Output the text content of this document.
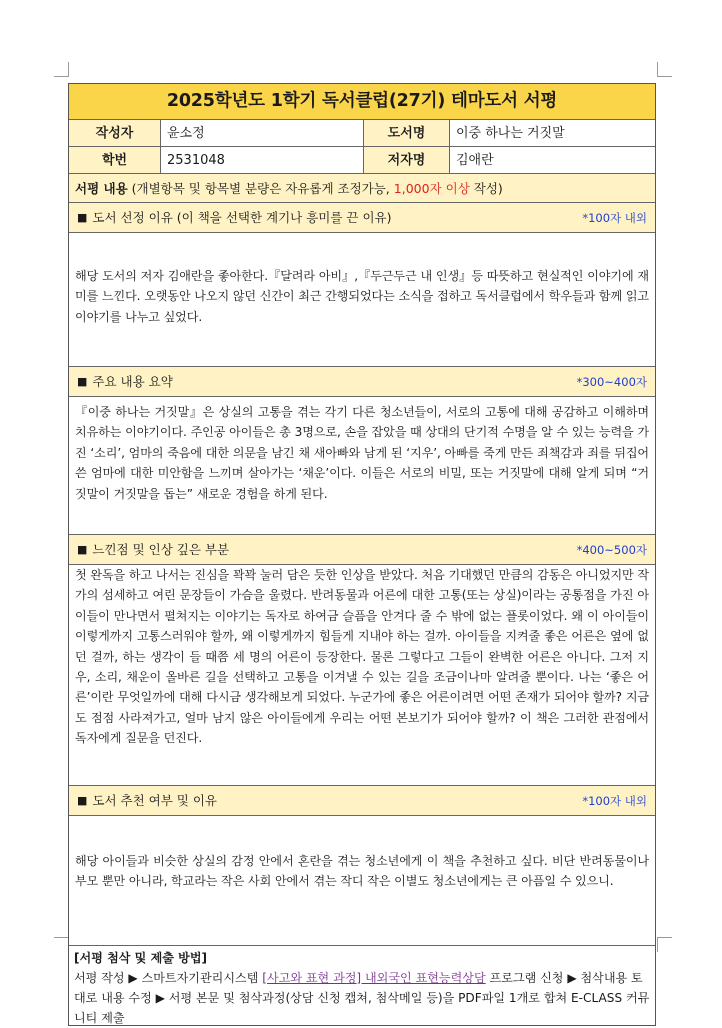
2025학년도 1학기 독서클럽(27기) 테마도서 서평
작성자	윤소정	도서명	이중 하나는 거짓말
학번	2531048	저자명	김애란
서평 내용 (개별항목 및 항목별 분량은 자유롭게 조정가능, 1,000자 이상 작성)
■ 도서 선정 이유 (이 책을 선택한 계기나 흥미를 끈 이유)	*100자 내외
해당 도서의 저자 김애란을 좋아한다.『달려라 아비』,『두근두근 내 인생』등 따뜻하고 현실적인 이야기에 재미를 느낀다. 오랫동안 나오지 않던 신간이 최근 간행되었다는 소식을 접하고 독서클럽에서 학우들과 함께 읽고 이야기를 나누고 싶었다.
■ 주요 내용 요약	*300~400자
『이중 하나는 거짓말』은 상실의 고통을 겪는 각기 다른 청소년들이, 서로의 고통에 대해 공감하고 이해하며 치유하는 이야기이다. 주인공 아이들은 총 3명으로, 손을 잡았을 때 상대의 단기적 수명을 알 수 있는 능력을 가진 ‘소리’, 엄마의 죽음에 대한 의문을 남긴 채 새아빠와 남게 된 ‘지우’, 아빠를 죽게 만든 죄책감과 죄를 뒤집어쓴 엄마에 대한 미안함을 느끼며 살아가는 ‘채운’이다. 이들은 서로의 비밀, 또는 거짓말에 대해 알게 되며 “거짓말이 거짓말을 돕는” 새로운 경험을 하게 된다.
■ 느낀점 및 인상 깊은 부분	*400~500자
첫 완독을 하고 나서는 진심을 꽉꽉 눌러 담은 듯한 인상을 받았다. 처음 기대했던 만큼의 감동은 아니었지만 작가의 섬세하고 여린 문장들이 가슴을 울렸다. 반려동물과 어른에 대한 고통(또는 상실)이라는 공통점을 가진 아이들이 만나면서 펼쳐지는 이야기는 독자로 하여금 슬픔을 안겨다 줄 수 밖에 없는 플롯이었다. 왜 이 아이들이 이렇게까지 고통스러워야 할까, 왜 이렇게까지 힘들게 지내야 하는 걸까. 아이들을 지켜줄 좋은 어른은 옆에 없던 걸까, 하는 생각이 들 때쯤 세 명의 어른이 등장한다. 물론 그렇다고 그들이 완벽한 어른은 아니다. 그저 지우, 소리, 채운이 올바른 길을 선택하고 고통을 이겨낼 수 있는 길을 조금이나마 알려줄 뿐이다. 나는 ‘좋은 어른’이란 무엇일까에 대해 다시금 생각해보게 되었다. 누군가에 좋은 어른이려면 어떤 존재가 되어야 할까? 지금도 점점 사라져가고, 얼마 남지 않은 아이들에게 우리는 어떤 본보기가 되어야 할까? 이 책은 그러한 관점에서 독자에게 질문을 던진다.
■ 도서 추천 여부 및 이유	*100자 내외
해당 아이들과 비슷한 상실의 감정 안에서 혼란을 겪는 청소년에게 이 책을 추천하고 싶다. 비단 반려동물이나 부모 뿐만 아니라, 학교라는 작은 사회 안에서 겪는 작디 작은 이별도 청소년에게는 큰 아픔일 수 있으니.
[서평 첨삭 및 제출 방법]
서평 작성 ▶ 스마트자기관리시스템 [사고와 표현 과정] 내외국인 표현능력상담 프로그램 신청 ▶ 첨삭내용 토대로 내용 수정 ▶ 서평 본문 및 첨삭과정(상담 신청 캡쳐, 첨삭메일 등)을 PDF파일 1개로 합쳐 E-CLASS 커뮤니티 제출
